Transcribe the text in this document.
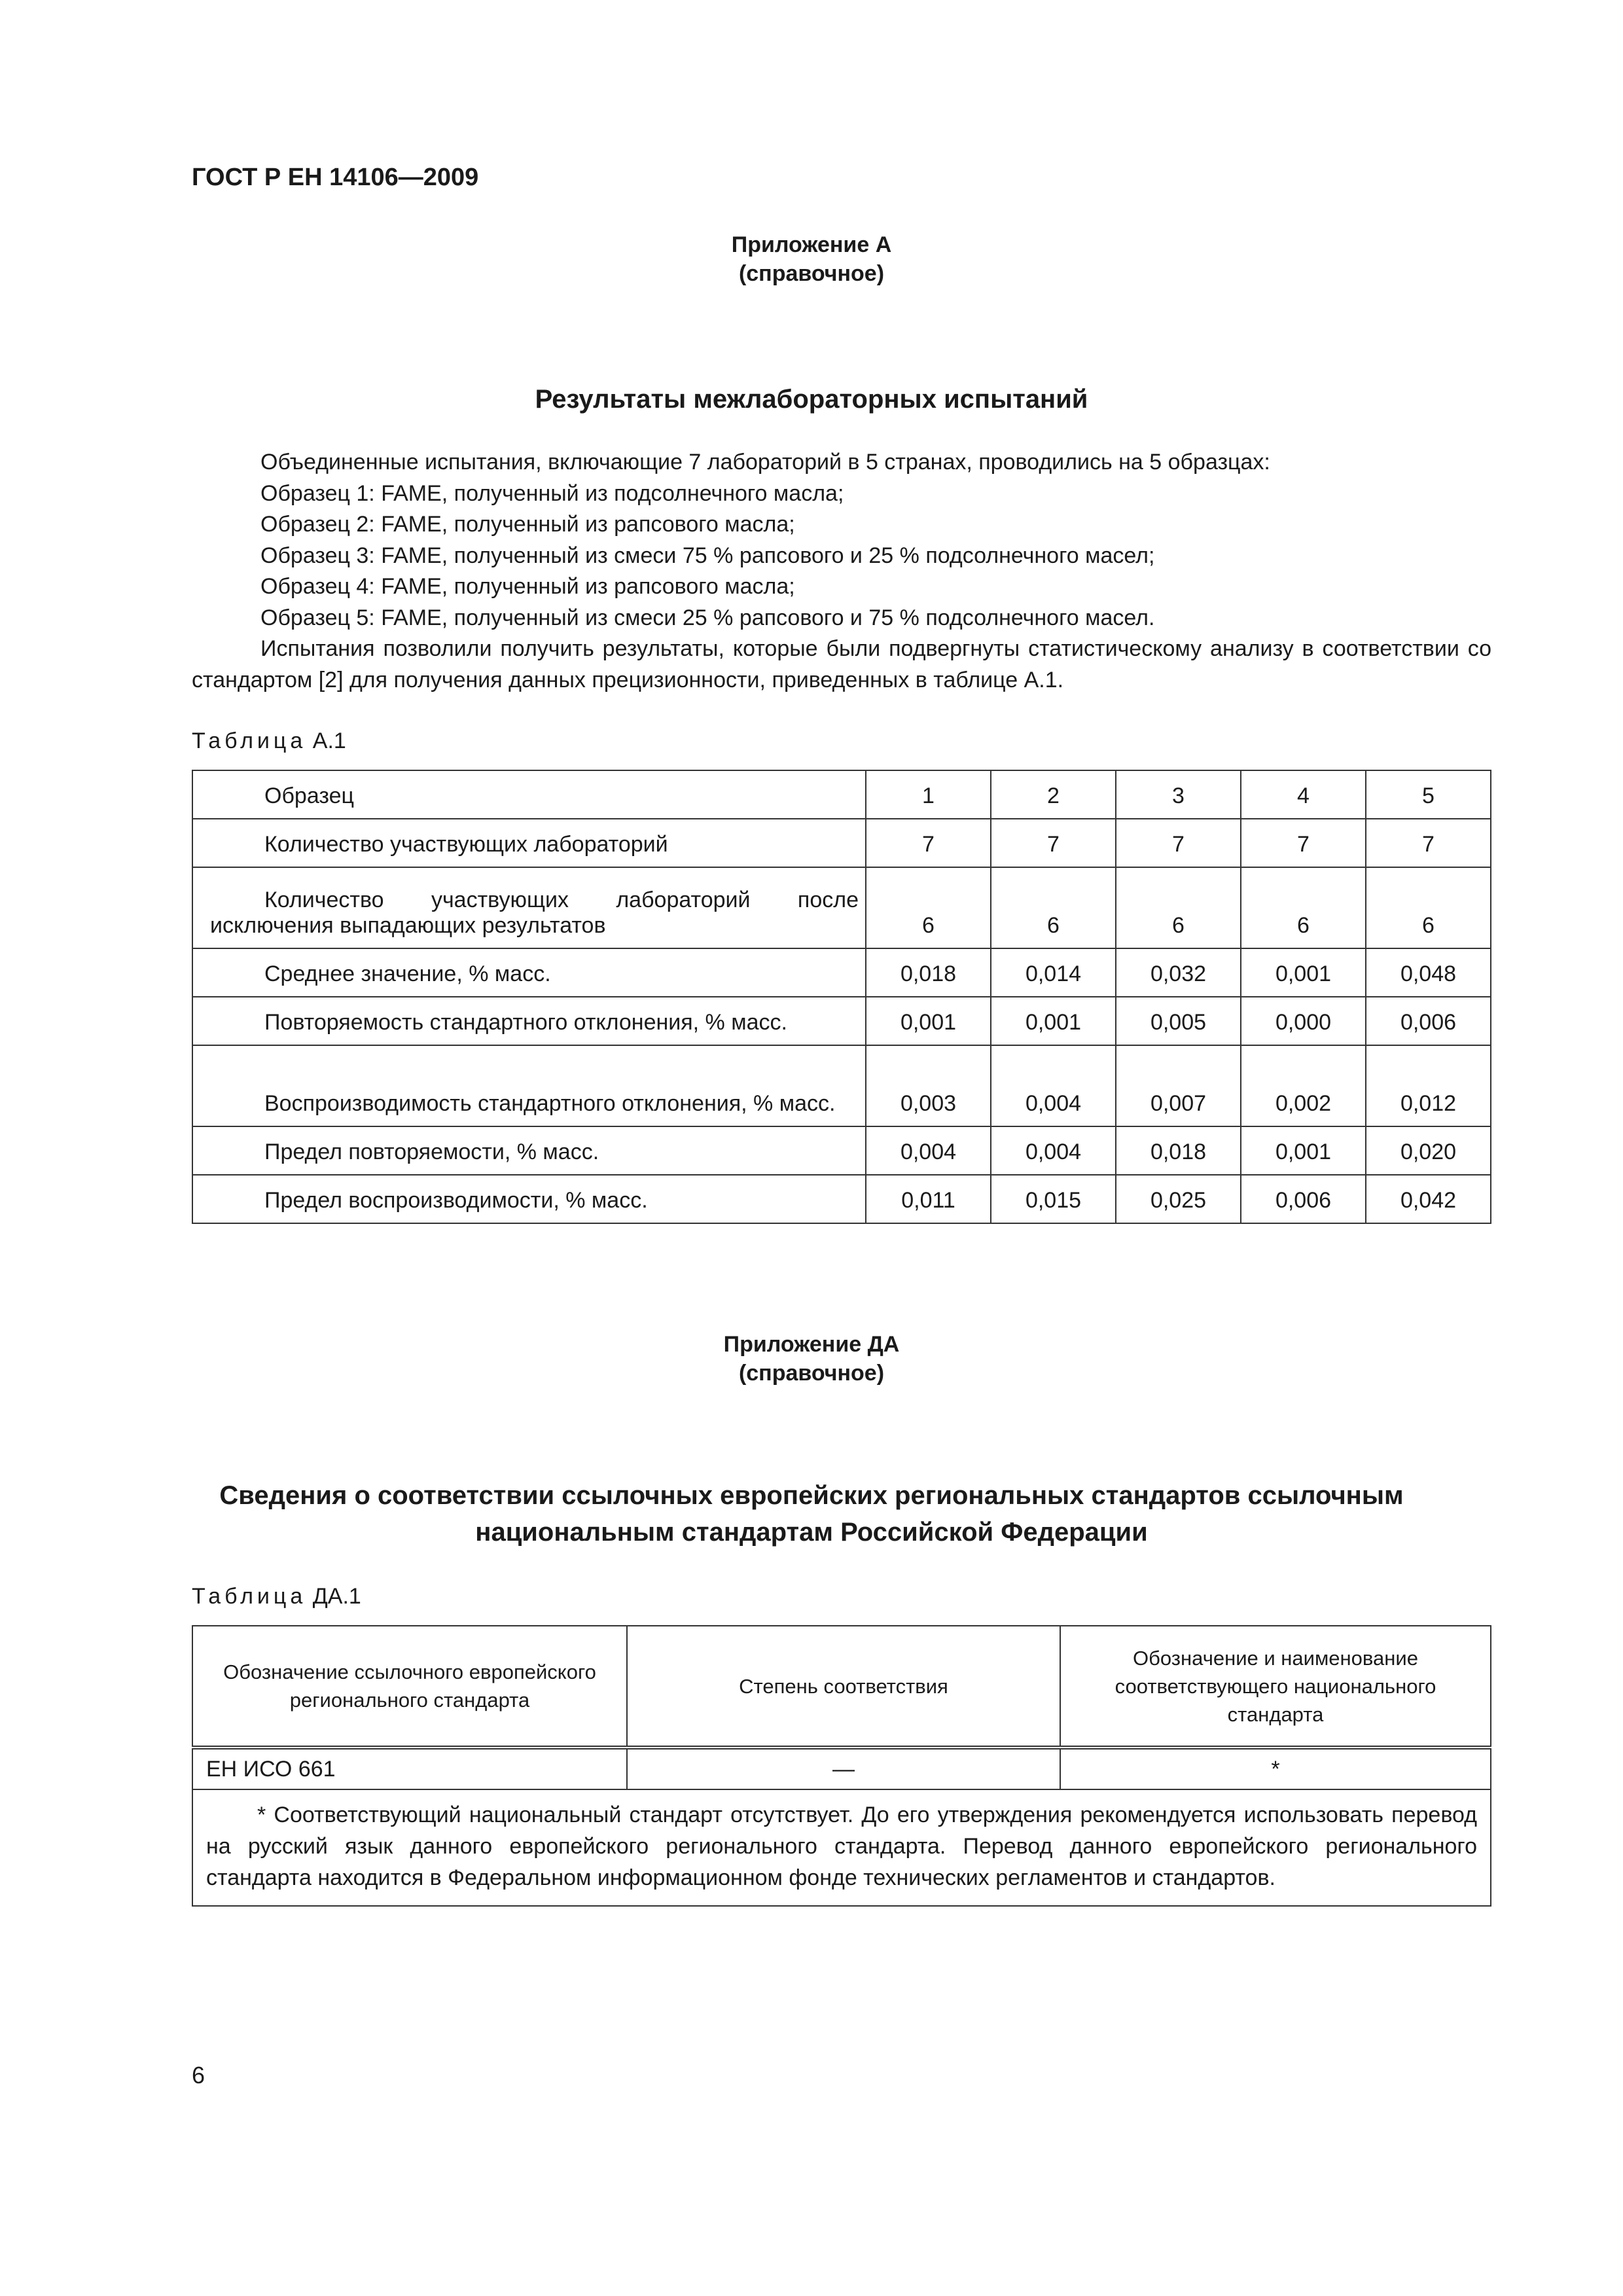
ГОСТ Р ЕН 14106—2009
Приложение А
(справочное)
Результаты межлабораторных испытаний

Объединенные испытания, включающие 7 лабораторий в 5 странах, проводились на 5 образцах:

Образец 1: FAME, полученный из подсолнечного масла;

Образец 2: FAME, полученный из рапсового масла;

Образец 3: FAME, полученный из смеси 75 % рапсового и 25 % подсолнечного масел;

Образец 4: FAME, полученный из рапсового масла;

Образец 5: FAME, полученный из смеси 25 % рапсового и 75 % подсолнечного масел.

Испытания позволили получить результаты, которые были подвергнуты статистическому анализу в соответствии со стандартом [2] для получения данных прецизионности, приведенных в таблице А.1.

Таблица А.1
Образец	1	2	3	4	5
Количество участвующих лабораторий	7	7	7	7	7
Количество участвующих лабораторий после исключения выпадающих результатов	6	6	6	6	6
Среднее значение, % масс.	0,018	0,014	0,032	0,001	0,048
Повторяемость стандартного отклонения, % масс.	0,001	0,001	0,005	0,000	0,006
Воспроизводимость стандартного отклонения, % масс.	0,003	0,004	0,007	0,002	0,012
Предел повторяемости, % масс.	0,004	0,004	0,018	0,001	0,020
Предел воспроизводимости, % масс.	0,011	0,015	0,025	0,006	0,042
Приложение ДА
(справочное)
Сведения о соответствии ссылочных европейских региональных стандартов ссылочным
национальным стандартам Российской Федерации
Таблица ДА.1
Обозначение ссылочного европейского регионального стандарта	Степень соответствия	Обозначение и наименование соответствующего национального стандарта
ЕН ИСО 661	—	*
* Соответствующий национальный стандарт отсутствует. До его утверждения рекомендуется использовать перевод на русский язык данного европейского регионального стандарта. Перевод данного европейского регионального стандарта находится в Федеральном информационном фонде технических регламентов и стандартов.		
6
